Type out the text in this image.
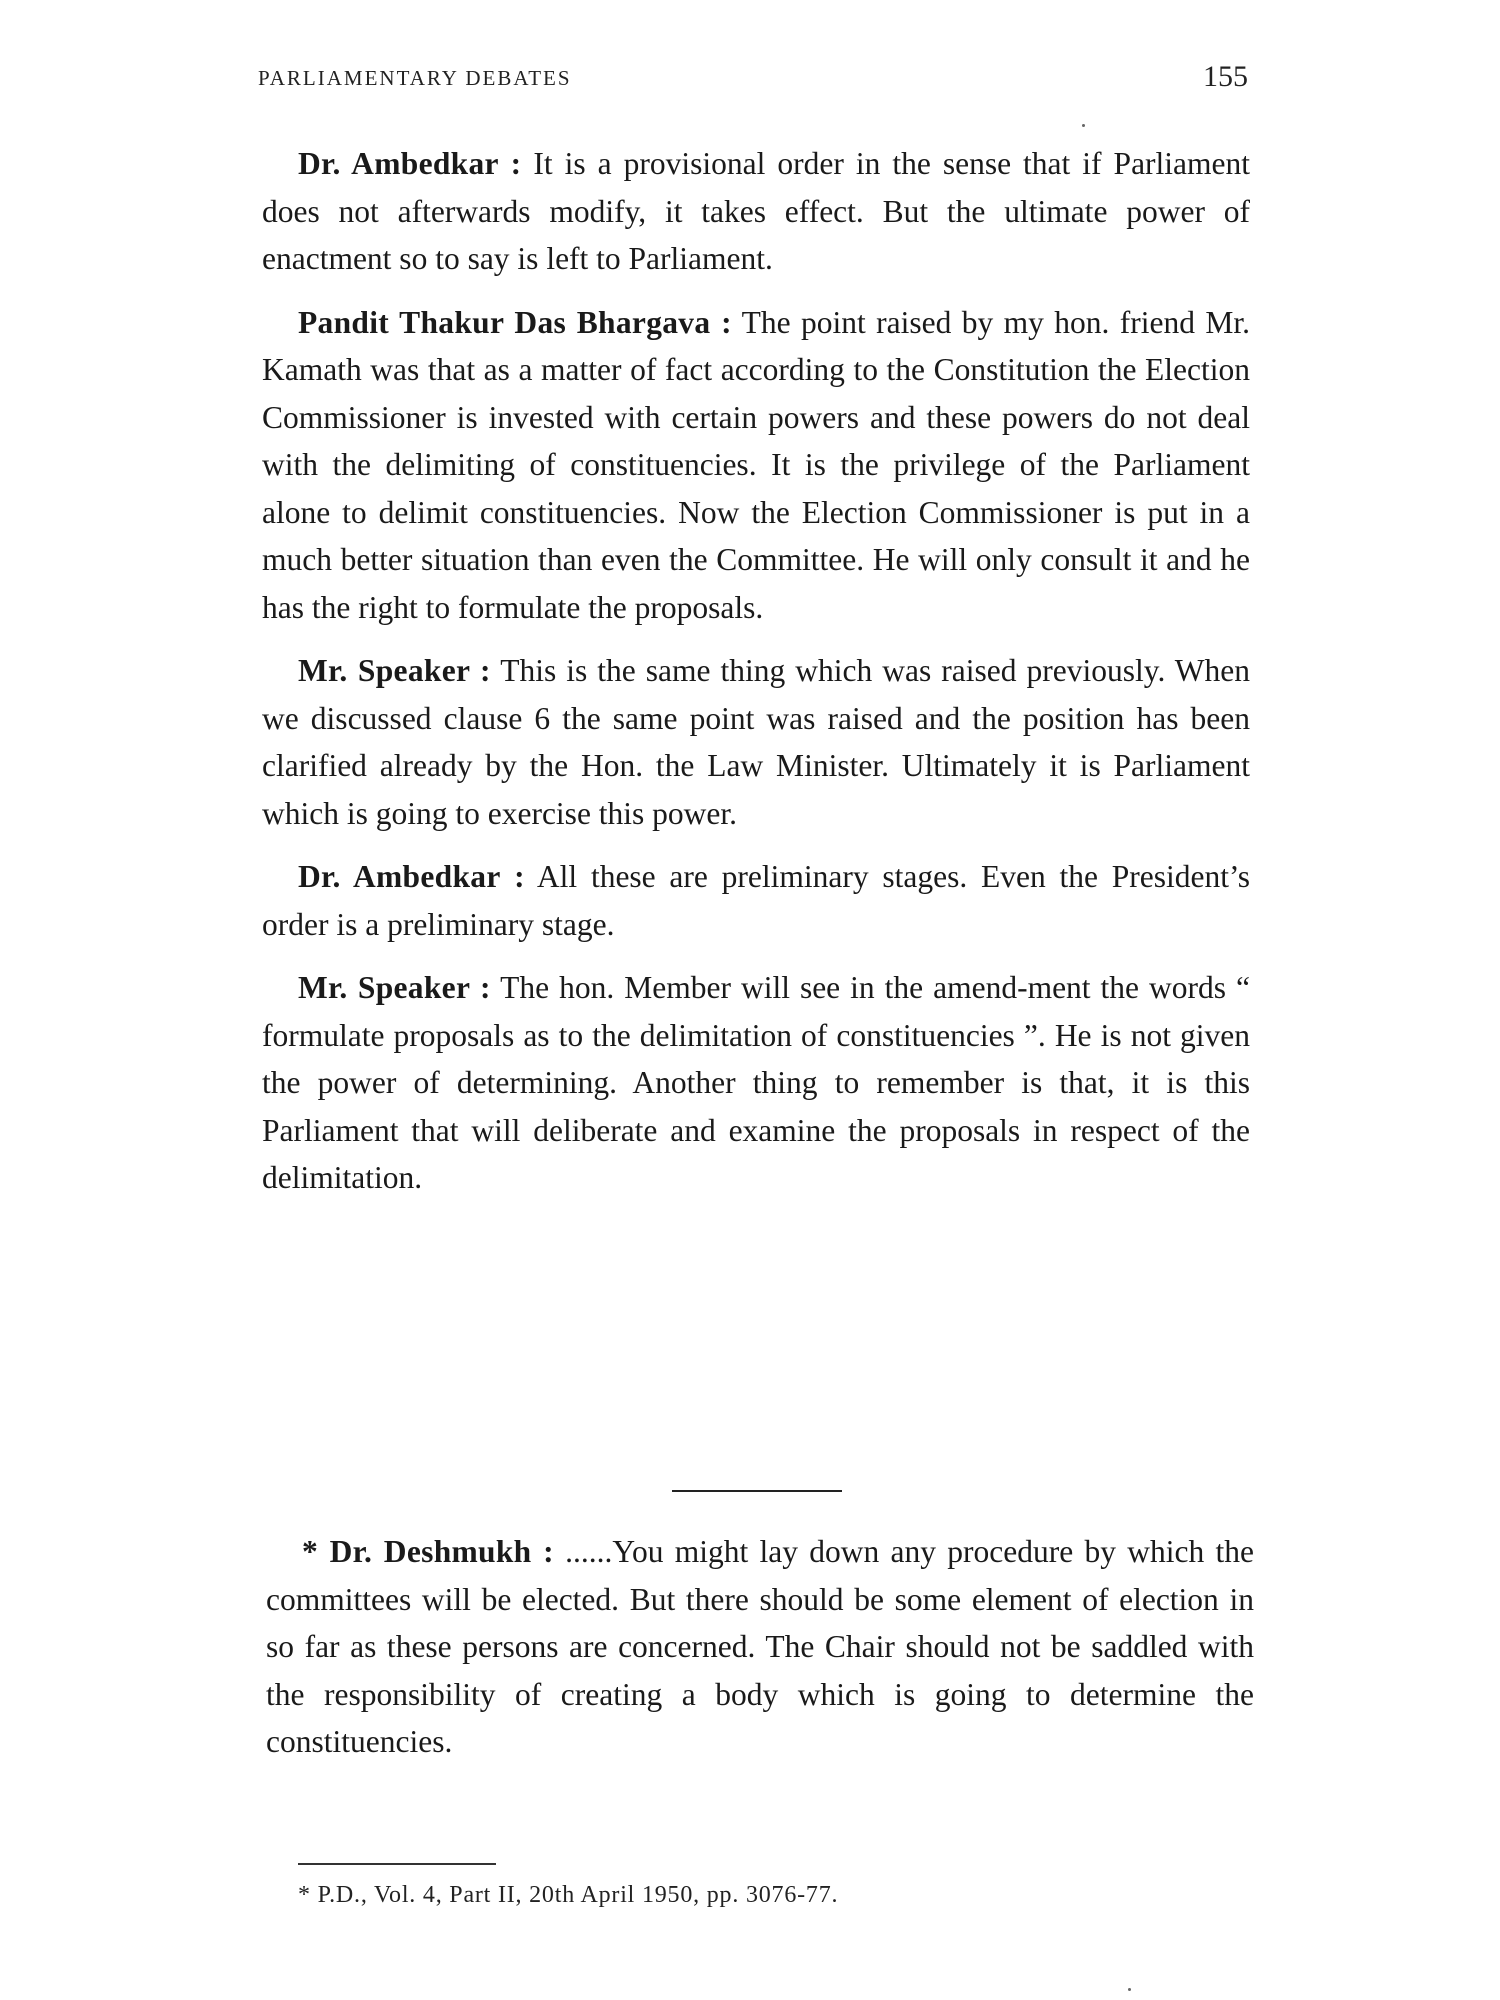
PARLIAMENTARY DEBATES	155

Dr. Ambedkar : It is a provisional order in the sense that if Parliament does not afterwards modify, it takes effect. But the ultimate power of enactment so to say is left to Parliament.

Pandit Thakur Das Bhargava : The point raised by my hon. friend Mr. Kamath was that as a matter of fact according to the Constitution the Election Commissioner is invested with certain powers and these powers do not deal with the delimiting of constituencies. It is the privilege of the Parliament alone to delimit constituencies. Now the Election Commissioner is put in a much better situation than even the Committee. He will only consult it and he has the right to formulate the proposals.

Mr. Speaker : This is the same thing which was raised previously. When we discussed clause 6 the same point was raised and the position has been clarified already by the Hon. the Law Minister. Ultimately it is Parliament which is going to exercise this power.

Dr. Ambedkar : All these are preliminary stages. Even the President’s order is a preliminary stage.

Mr. Speaker : The hon. Member will see in the amend-ment the words “ formulate proposals as to the delimitation of constituencies ”. He is not given the power of determining. Another thing to remember is that, it is this Parliament that will deliberate and examine the proposals in respect of the delimitation.

* Dr. Deshmukh : ......You might lay down any procedure by which the committees will be elected. But there should be some element of election in so far as these persons are concerned. The Chair should not be saddled with the responsibility of creating a body which is going to determine the constituencies.

* P.D., Vol. 4, Part II, 20th April 1950, pp. 3076-77.
